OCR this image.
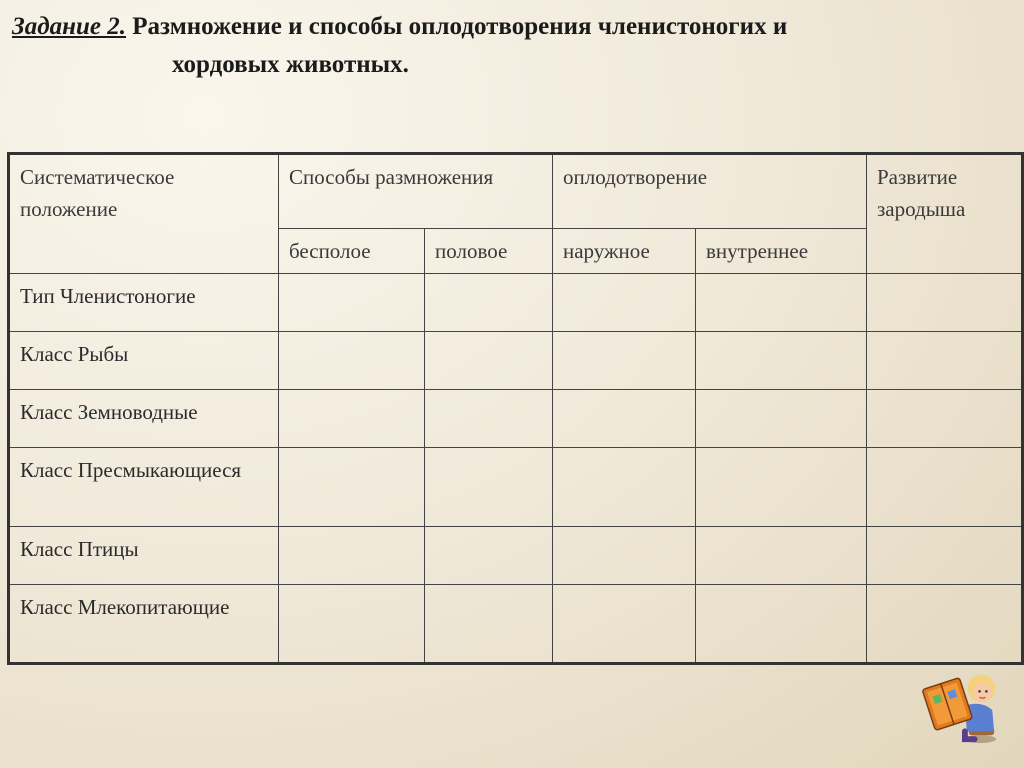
Задание 2. Размножение и способы оплодотворения членистоногих и
хордовых животных.
Систематическое положение	Способы размножения		оплодотворение		Развитие зародыша
	бесполое	половое	наружное	внутреннее	
Тип Членистоногие					
Класс Рыбы					
Класс Земноводные					
Класс Пресмыкающиеся					
Класс Птицы					
Класс Млекопитающие					
